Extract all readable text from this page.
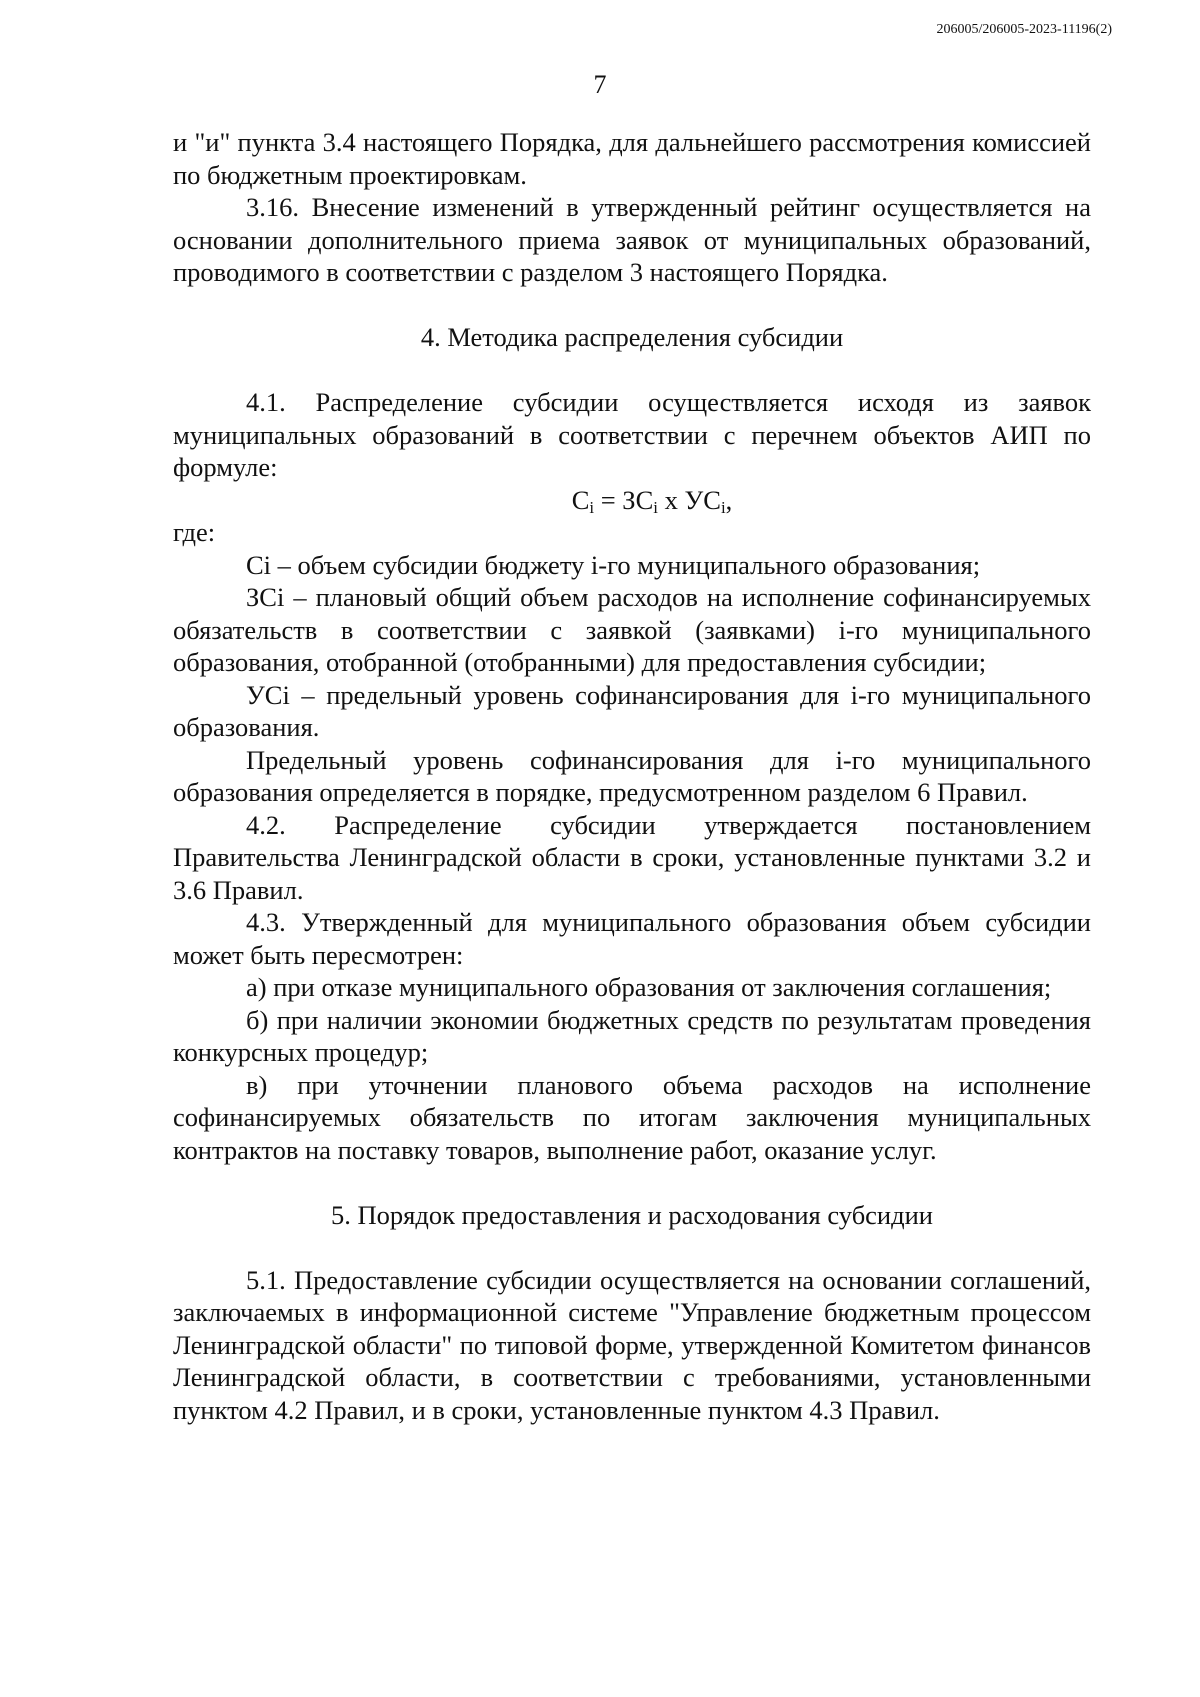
206005/206005-2023-11196(2)
7

и "и" пункта 3.4 настоящего Порядка, для дальнейшего рассмотрения комиссией по бюджетным проектировкам.

3.16. Внесение изменений в утвержденный рейтинг осуществляется на основании дополнительного приема заявок от муниципальных образований, проводимого в соответствии с разделом 3 настоящего Порядка.

4. Методика распределения субсидии

4.1. Распределение субсидии осуществляется исходя из заявок муниципальных образований в соответствии с перечнем объектов АИП по формуле:

$C_i = ЗC_i$ х $УC_i$,

где:

Ci – объем субсидии бюджету i-го муниципального образования;

ЗCi – плановый общий объем расходов на исполнение софинансируемых обязательств в соответствии с заявкой (заявками) i-го муниципального образования, отобранной (отобранными) для предоставления субсидии;

УCi – предельный уровень софинансирования для i-го муниципального образования.

Предельный уровень софинансирования для i-го муниципального образования определяется в порядке, предусмотренном разделом 6 Правил.

4.2. Распределение субсидии утверждается постановлением Правительства Ленинградской области в сроки, установленные пунктами 3.2 и 3.6 Правил.

4.3. Утвержденный для муниципального образования объем субсидии может быть пересмотрен:

а) при отказе муниципального образования от заключения соглашения;

б) при наличии экономии бюджетных средств по результатам проведения конкурсных процедур;

в) при уточнении планового объема расходов на исполнение софинансируемых обязательств по итогам заключения муниципальных контрактов на поставку товаров, выполнение работ, оказание услуг.

5. Порядок предоставления и расходования субсидии

5.1. Предоставление субсидии осуществляется на основании соглашений, заключаемых в информационной системе "Управление бюджетным процессом Ленинградской области" по типовой форме, утвержденной Комитетом финансов Ленинградской области, в соответствии с требованиями, установленными пунктом 4.2 Правил, и в сроки, установленные пунктом 4.3 Правил.
